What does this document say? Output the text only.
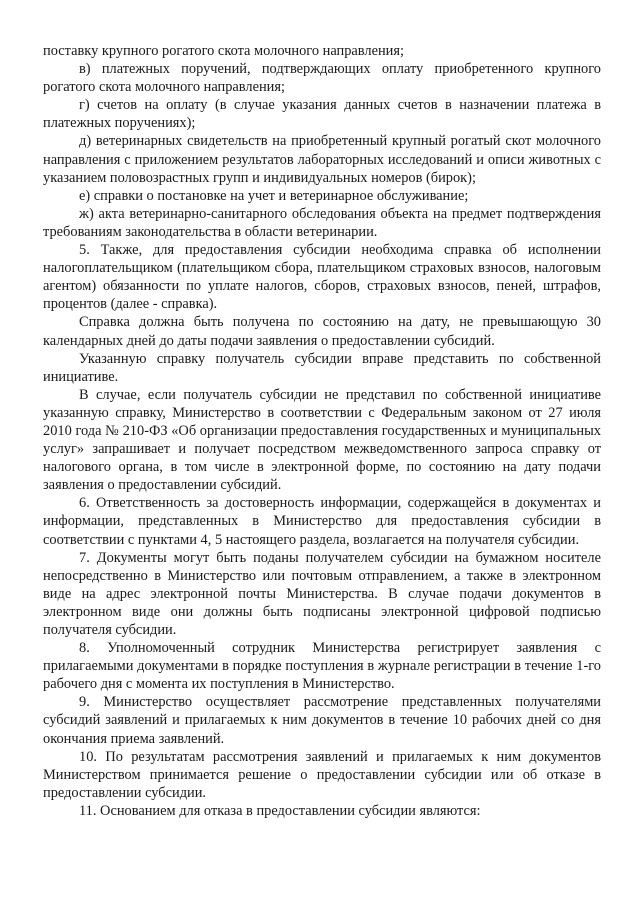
поставку крупного рогатого скота молочного направления;

в) платежных поручений, подтверждающих оплату приобретенного крупного рогатого скота молочного направления;

г) счетов на оплату (в случае указания данных счетов в назначении платежа в платежных поручениях);

д) ветеринарных свидетельств на приобретенный крупный рогатый скот молочного направления с приложением результатов лабораторных исследований и описи животных с указанием половозрастных групп и индивидуальных номеров (бирок);

е) справки о постановке на учет и ветеринарное обслуживание;

ж) акта ветеринарно-санитарного обследования объекта на предмет подтверждения требованиям законодательства в области ветеринарии.

5. Также, для предоставления субсидии необходима справка об исполнении налогоплательщиком (плательщиком сбора, плательщиком страховых взносов, налоговым агентом) обязанности по уплате налогов, сборов, страховых взносов, пеней, штрафов, процентов (далее - справка).

Справка должна быть получена по состоянию на дату, не превышающую 30 календарных дней до даты подачи заявления о предоставлении субсидий.

Указанную справку получатель субсидии вправе представить по собственной инициативе.

В случае, если получатель субсидии не представил по собственной инициативе указанную справку, Министерство в соответствии с Федеральным законом от 27 июля 2010 года № 210-ФЗ «Об организации предоставления государственных и муниципальных услуг» запрашивает и получает посредством межведомственного запроса справку от налогового органа, в том числе в электронной форме, по состоянию на дату подачи заявления о предоставлении субсидий.

6. Ответственность за достоверность информации, содержащейся в документах и информации, представленных в Министерство для предоставления субсидии в соответствии с пунктами 4, 5 настоящего раздела, возлагается на получателя субсидии.

7. Документы могут быть поданы получателем субсидии на бумажном носителе непосредственно в Министерство или почтовым отправлением, а также в электронном виде на адрес электронной почты Министерства. В случае подачи документов в электронном виде они должны быть подписаны электронной цифровой подписью получателя субсидии.

8. Уполномоченный сотрудник Министерства регистрирует заявления с прилагаемыми документами в порядке поступления в журнале регистрации в течение 1-го рабочего дня с момента их поступления в Министерство.

9. Министерство осуществляет рассмотрение представленных получателями субсидий заявлений и прилагаемых к ним документов в течение 10 рабочих дней со дня окончания приема заявлений.

10. По результатам рассмотрения заявлений и прилагаемых к ним документов Министерством принимается решение о предоставлении субсидии или об отказе в предоставлении субсидии.

11. Основанием для отказа в предоставлении субсидии являются:
